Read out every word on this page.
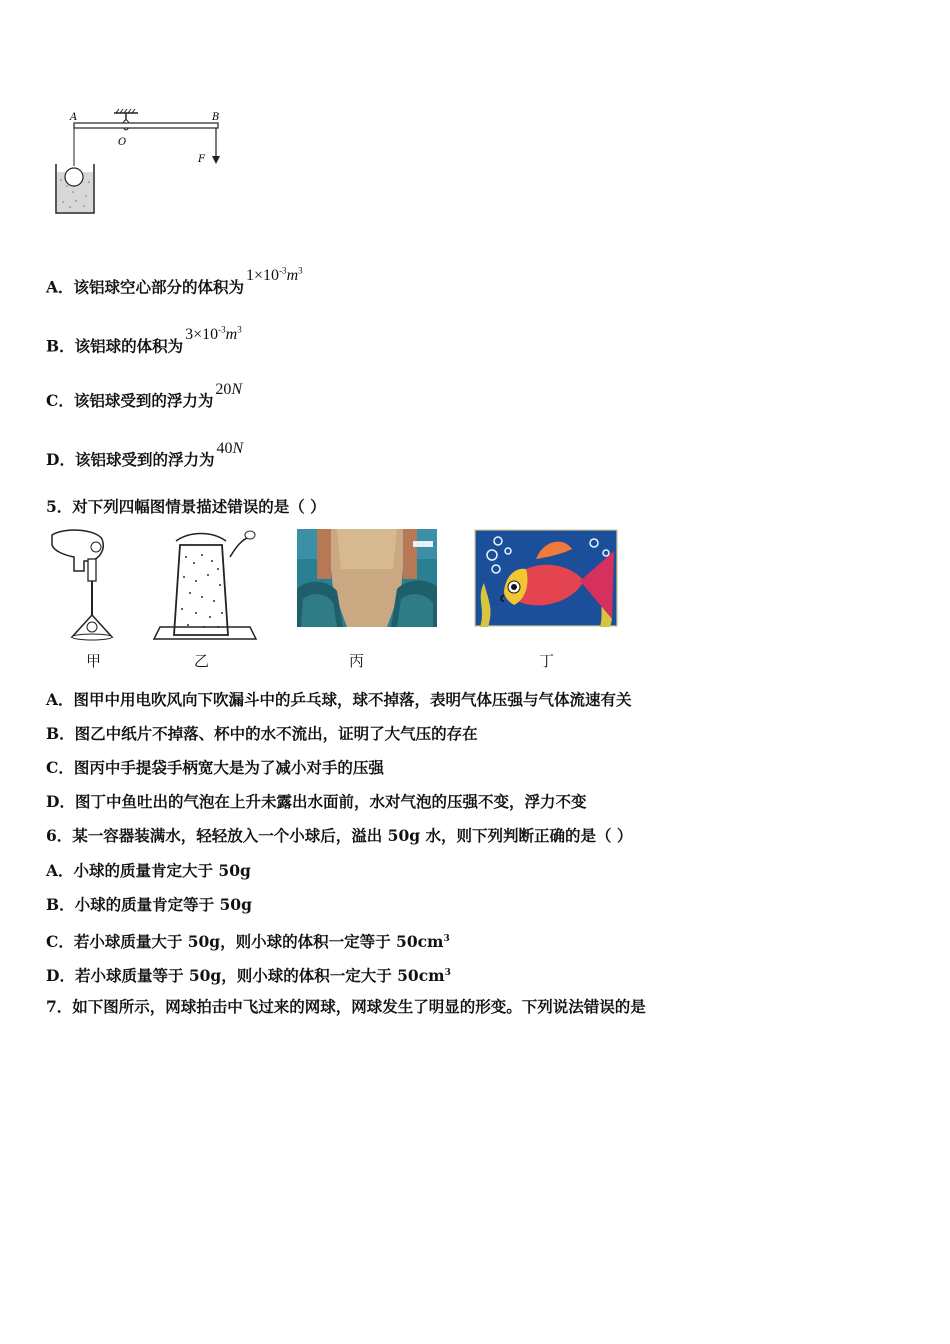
A	B
O
F
A．该铝球空心部分的体积为$1\times 10^{-3}m^3$
B．该铝球的体积为$3\times 10^{-3}m^3$
C．该铝球受到的浮力为20N
D．该铝球受到的浮力为40N
5．对下列四幅图情景描述错误的是（ ）
甲	乙	丙	丁
A．图甲中用电吹风向下吹漏斗中的乒乓球，球不掉落，表明气体压强与气体流速有关
B．图乙中纸片不掉落、杯中的水不流出，证明了大气压的存在
C．图丙中手提袋手柄宽大是为了减小对手的压强
D．图丁中鱼吐出的气泡在上升未露出水面前，水对气泡的压强不变，浮力不变
6．某一容器装满水，轻轻放入一个小球后，溢出 50g 水，则下列判断正确的是（ ）
A．小球的质量肯定大于 50g
B．小球的质量肯定等于 50g
C．若小球质量大于 50g，则小球的体积一定等于 $50cm^3$
D．若小球质量等于 50g，则小球的体积一定大于 $50cm^3$
7．如下图所示，网球拍击中飞过来的网球，网球发生了明显的形变。下列说法错误的是
